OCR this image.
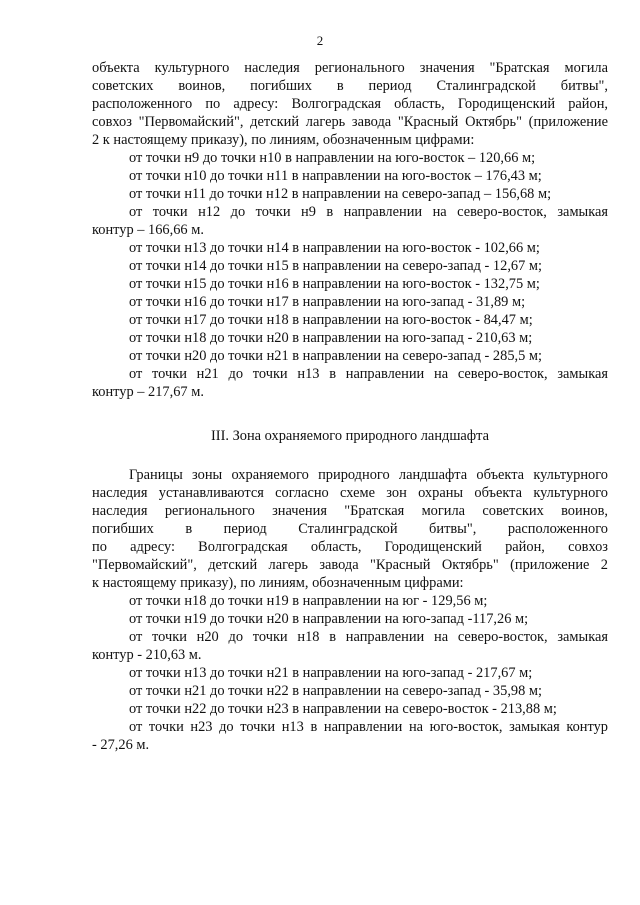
2

объекта культурного наследия регионального значения "Братская могила

советских воинов, погибших в период Сталинградской битвы",

расположенного по адресу: Волгоградская область, Городищенский район,

совхоз "Первомайский", детский лагерь завода "Красный Октябрь" (приложение

2 к настоящему приказу), по линиям, обозначенным цифрами:

от точки н9 до точки н10 в направлении на юго-восток – 120,66 м;

от точки н10 до точки н11 в направлении на юго-восток – 176,43 м;

от точки н11 до точки н12 в направлении на северо-запад – 156,68 м;

от точки н12 до точки н9 в направлении на северо-восток, замыкая

контур – 166,66 м.

от точки н13 до точки н14 в направлении на юго-восток - 102,66 м;

от точки н14 до точки н15 в направлении на северо-запад - 12,67 м;

от точки н15 до точки н16 в направлении на юго-восток - 132,75 м;

от точки н16 до точки н17 в направлении на юго-запад - 31,89 м;

от точки н17 до точки н18 в направлении на юго-восток - 84,47 м;

от точки н18 до точки н20 в направлении на юго-запад - 210,63 м;

от точки н20 до точки н21 в направлении на северо-запад - 285,5 м;

от точки н21 до точки н13 в направлении на северо-восток, замыкая

контур – 217,67 м.

III. Зона охраняемого природного ландшафта

Границы зоны охраняемого природного ландшафта объекта культурного

наследия устанавливаются согласно схеме зон охраны объекта культурного

наследия регионального значения "Братская могила советских воинов,

погибших в период Сталинградской битвы", расположенного

по адресу: Волгоградская область, Городищенский район, совхоз

"Первомайский", детский лагерь завода "Красный Октябрь" (приложение 2

к настоящему приказу), по линиям, обозначенным цифрами:

от точки н18 до точки н19 в направлении на юг - 129,56 м;

от точки н19 до точки н20 в направлении на юго-запад -117,26 м;

от точки н20 до точки н18 в направлении на северо-восток, замыкая

контур - 210,63 м.

от точки н13 до точки н21 в направлении на юго-запад - 217,67 м;

от точки н21 до точки н22 в направлении на северо-запад - 35,98 м;

от точки н22 до точки н23 в направлении на северо-восток - 213,88 м;

от точки н23 до точки н13 в направлении на юго-восток, замыкая контур

- 27,26 м.
